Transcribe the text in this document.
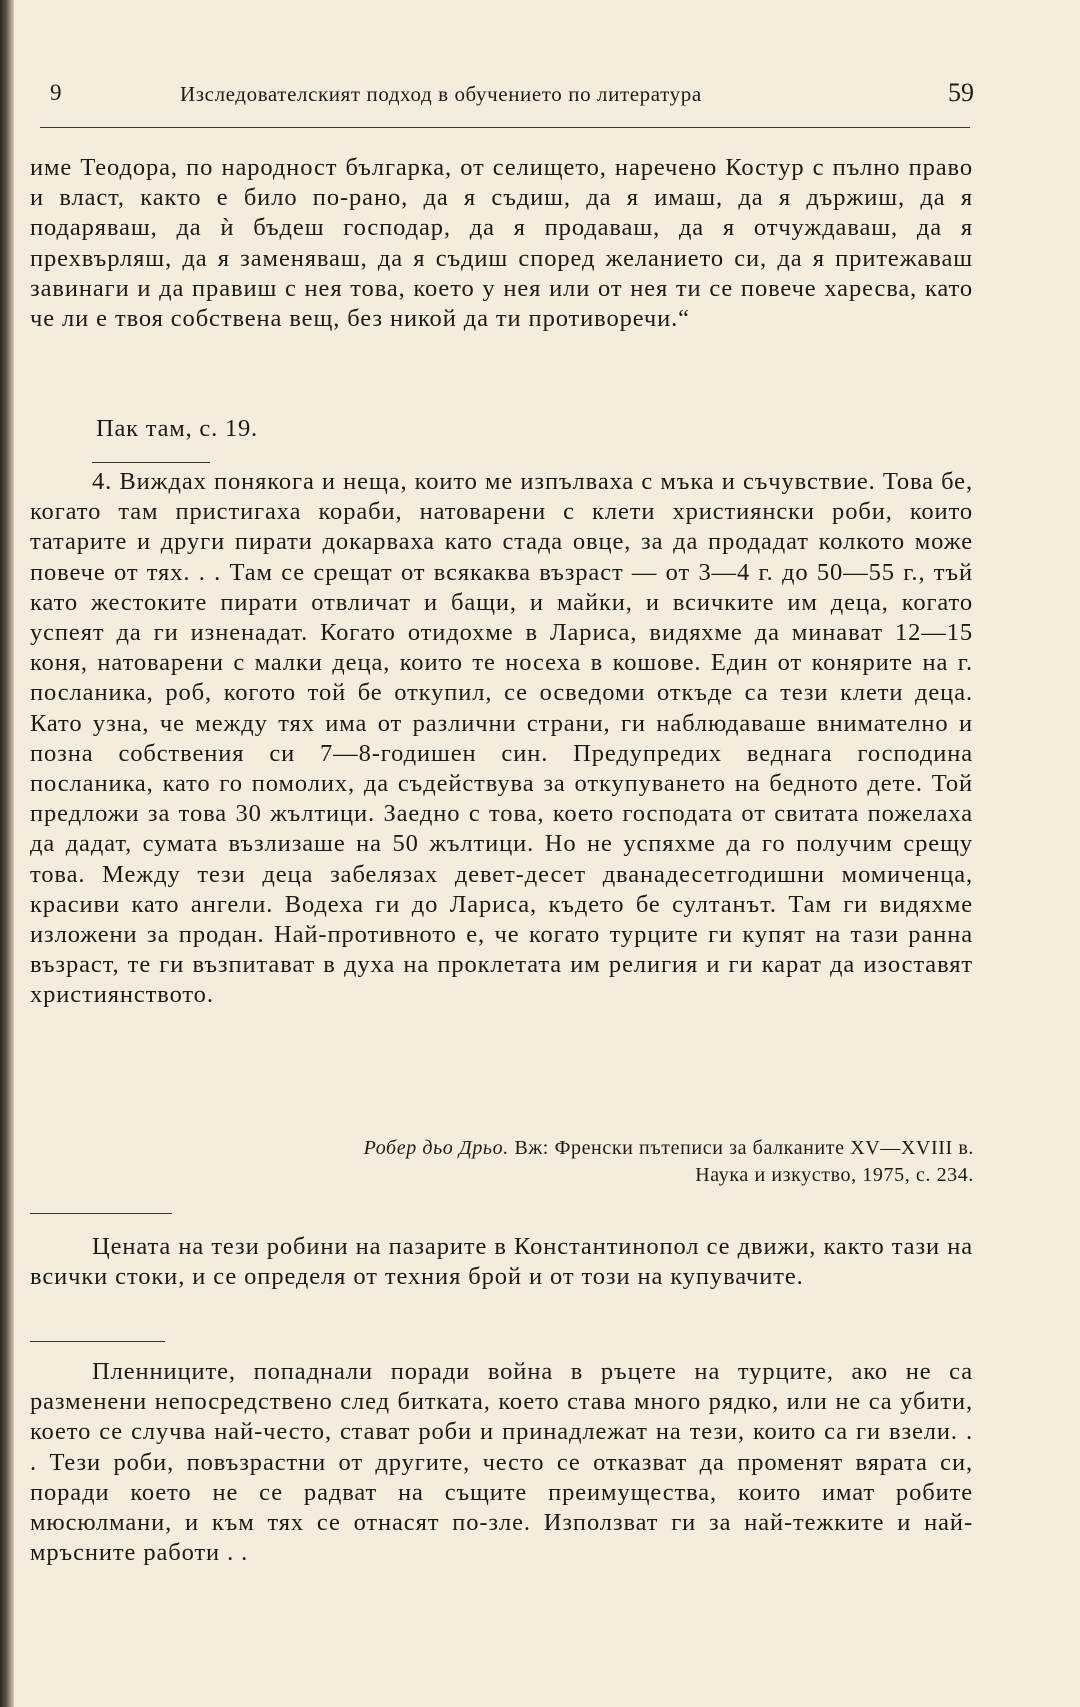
9	Изследователският подход в обучението по литература	59

име Теодора, по народност българка, от селището, наречено Костур с пълно право и власт, както е било по-рано, да я съдиш, да я имаш, да я държиш, да я подаряваш, да ѝ бъдеш господар, да я продаваш, да я отчуждаваш, да я прехвърляш, да я заменяваш, да я съдиш според желанието си, да я притежаваш завинаги и да правиш с нея това, което у нея или от нея ти се повече харесва, като че ли е твоя собствена вещ, без никой да ти противоречи.“

Пак там, с. 19.

4. Виждах понякога и неща, които ме изпълваха с мъка и съчувствие. Това бе, когато там пристигаха кораби, натоварени с клети християнски роби, които татарите и други пирати докарваха като стада овце, за да продадат колкото може повече от тях. . . Там се срещат от всякаква възраст — от 3—4 г. до 50—55 г., тъй като жестоките пирати отвличат и бащи, и майки, и всичките им деца, когато успеят да ги изненадат. Когато отидохме в Лариса, видяхме да минават 12—15 коня, натоварени с малки деца, които те носеха в кошове. Един от конярите на г. посланика, роб, когото той бе откупил, се осведоми откъде са тези клети деца. Като узна, че между тях има от различни страни, ги наблюдаваше внимателно и позна собствения си 7—8-годишен син. Предупредих веднага господина посланика, като го помолих, да съдействува за откупуването на бедното дете. Той предложи за това 30 жълтици. Заедно с това, което господата от свитата пожелаха да дадат, сумата възлизаше на 50 жълтици. Но не успяхме да го получим срещу това. Между тези деца забелязах девет-десет дванадесетгодишни момиченца, красиви като ангели. Водеха ги до Лариса, където бе султанът. Там ги видяхме изложени за продан. Най-противното е, че когато турците ги купят на тази ранна възраст, те ги възпитават в духа на проклетата им религия и ги карат да изоставят християнството.

Робер дьо Дрьо. Вж: Френски пътеписи за балканите XV—XVIII в.
Наука и изкуство, 1975, с. 234.

Цената на тези робини на пазарите в Константинопол се движи, както тази на всички стоки, и се определя от техния брой и от този на купувачите.

Пленниците, попаднали поради война в ръцете на турците, ако не са разменени непосредствено след битката, което става много рядко, или не са убити, което се случва най-често, стават роби и принадлежат на тези, които са ги взели. . . Тези роби, повъзрастни от другите, често се отказват да променят вярата си, поради което не се радват на същите преимущества, които имат робите мюсюлмани, и към тях се отнасят по-зле. Използват ги за най-тежките и най-мръсните работи . .
